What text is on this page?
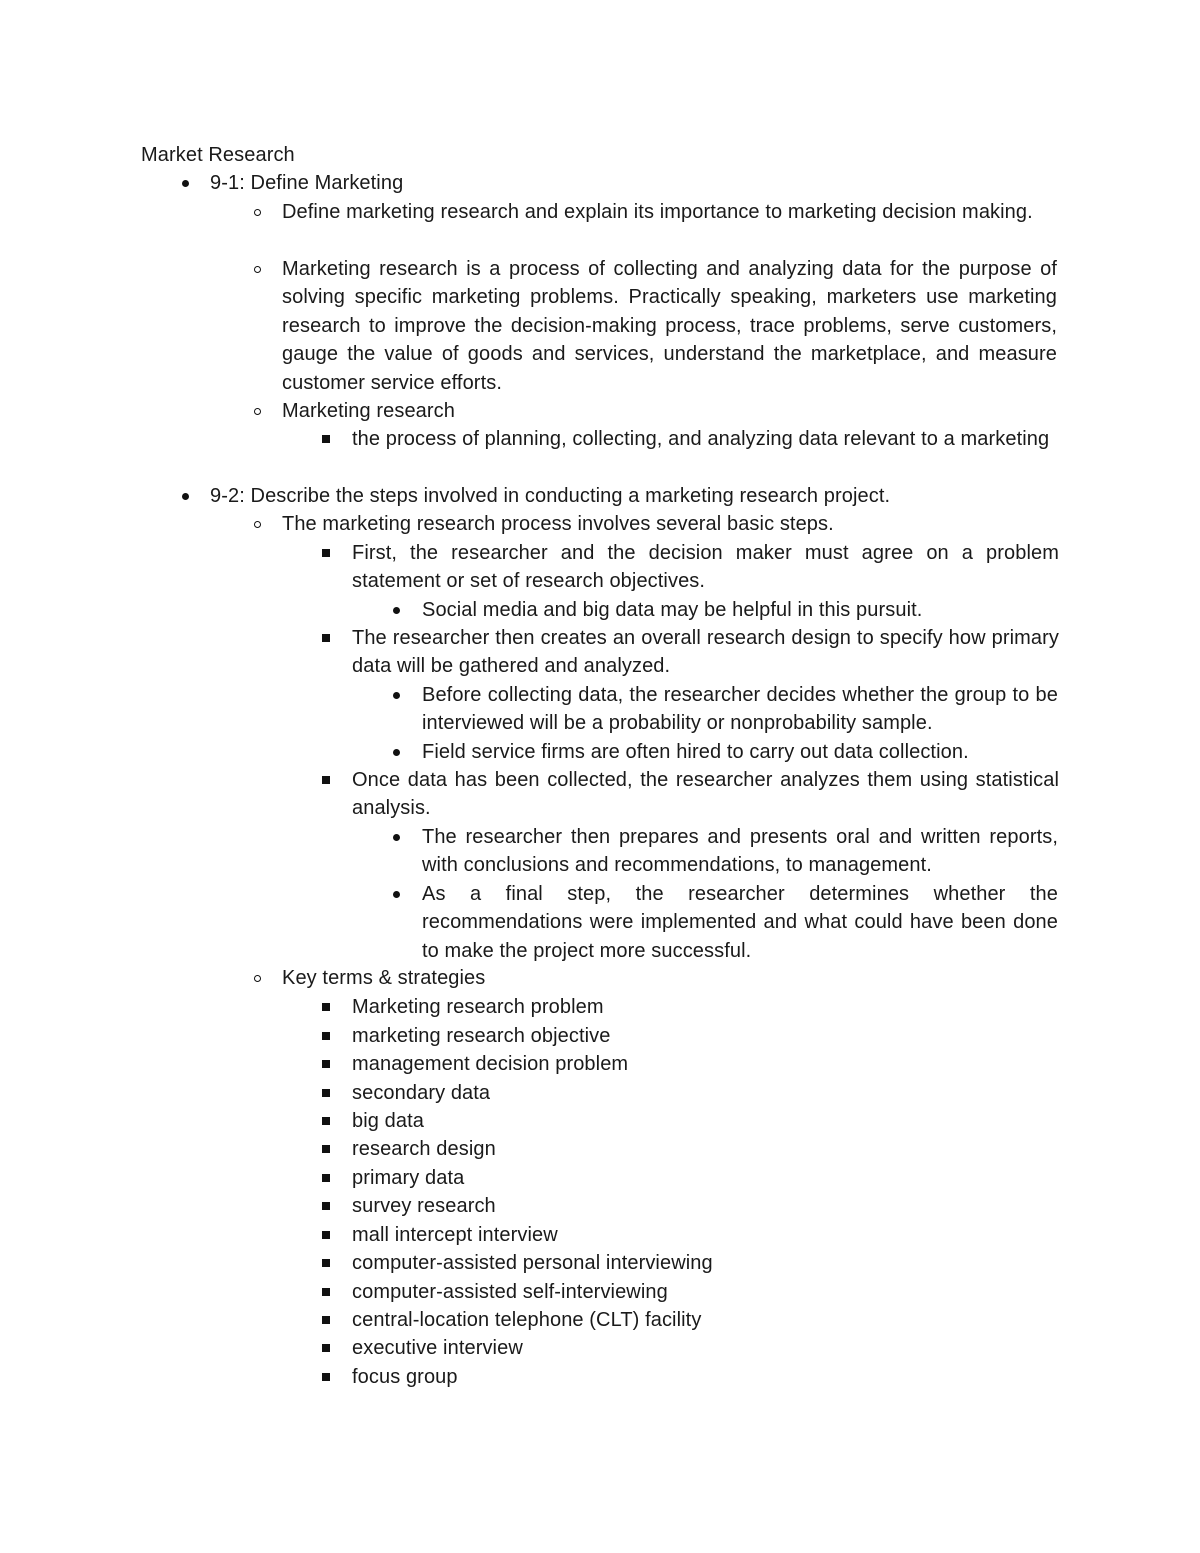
Market Research
9-1: Define Marketing
Define marketing research and explain its importance to marketing decision making.
Marketing research is a process of collecting and analyzing data for the purpose of solving specific marketing problems. Practically speaking, marketers use marketing research to improve the decision-making process, trace problems, serve customers, gauge the value of goods and services, understand the marketplace, and measure customer service efforts.
Marketing research
the process of planning, collecting, and analyzing data relevant to a marketing
9-2: Describe the steps involved in conducting a marketing research project.
The marketing research process involves several basic steps.
First, the researcher and the decision maker must agree on a problem statement or set of research objectives.
Social media and big data may be helpful in this pursuit.
The researcher then creates an overall research design to specify how primary data will be gathered and analyzed.
Before collecting data, the researcher decides whether the group to be interviewed will be a probability or nonprobability sample.
Field service firms are often hired to carry out data collection.
Once data has been collected, the researcher analyzes them using statistical analysis.
The researcher then prepares and presents oral and written reports, with conclusions and recommendations, to management.
As a final step, the researcher determines whether the recommendations were implemented and what could have been done to make the project more successful.
Key terms & strategies
Marketing research problem
marketing research objective
management decision problem
secondary data
big data
research design
primary data
survey research
mall intercept interview
computer-assisted personal interviewing
computer-assisted self-interviewing
central-location telephone (CLT) facility
executive interview
focus group
